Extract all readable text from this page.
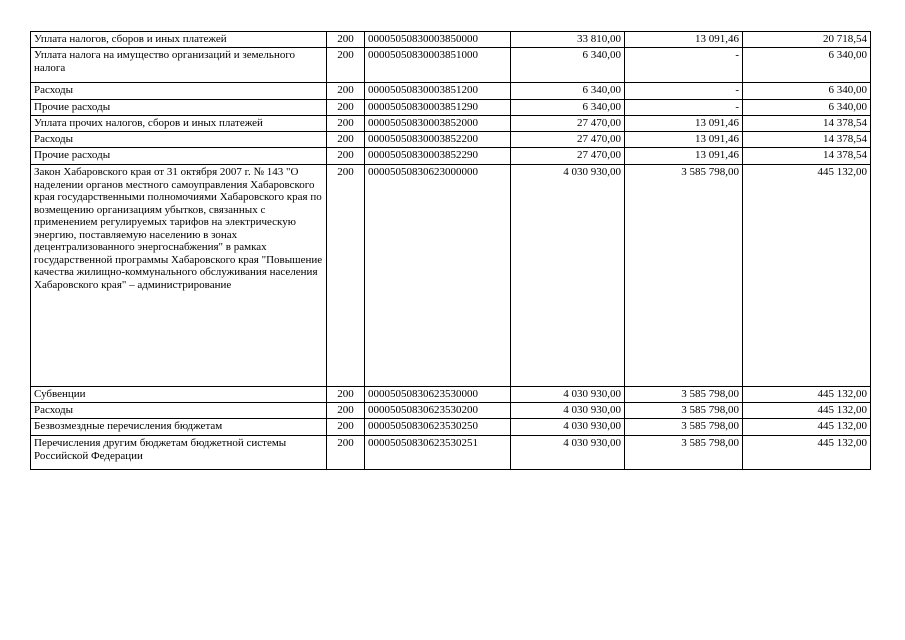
Уплата налогов, сборов и иных платежей	200	00005050830003850000	33 810,00	13 091,46	20 718,54
Уплата налога на имущество организаций и земельного налога	200	00005050830003851000	6 340,00	-	6 340,00
Расходы	200	00005050830003851200	6 340,00	-	6 340,00
Прочие расходы	200	00005050830003851290	6 340,00	-	6 340,00
Уплата прочих налогов, сборов и иных платежей	200	00005050830003852000	27 470,00	13 091,46	14 378,54
Расходы	200	00005050830003852200	27 470,00	13 091,46	14 378,54
Прочие расходы	200	00005050830003852290	27 470,00	13 091,46	14 378,54
Закон Хабаровского края от 31 октября 2007 г. № 143 "О наделении органов местного самоуправления Хабаровского края государственными полномочиями Хабаровского края по возмещению организациям убытков, связанных с применением регулируемых тарифов на электрическую энергию, поставляемую населению в зонах децентрализованного энергоснабжения" в рамках государственной программы Хабаровского края "Повышение качества жилищно-коммунального обслуживания населения Хабаровского края" – администрирование	200	00005050830623000000	4 030 930,00	3 585 798,00	445 132,00
Субвенции	200	00005050830623530000	4 030 930,00	3 585 798,00	445 132,00
Расходы	200	00005050830623530200	4 030 930,00	3 585 798,00	445 132,00
Безвозмездные перечисления бюджетам	200	00005050830623530250	4 030 930,00	3 585 798,00	445 132,00
Перечисления другим бюджетам бюджетной системы Российской Федерации	200	00005050830623530251	4 030 930,00	3 585 798,00	445 132,00
